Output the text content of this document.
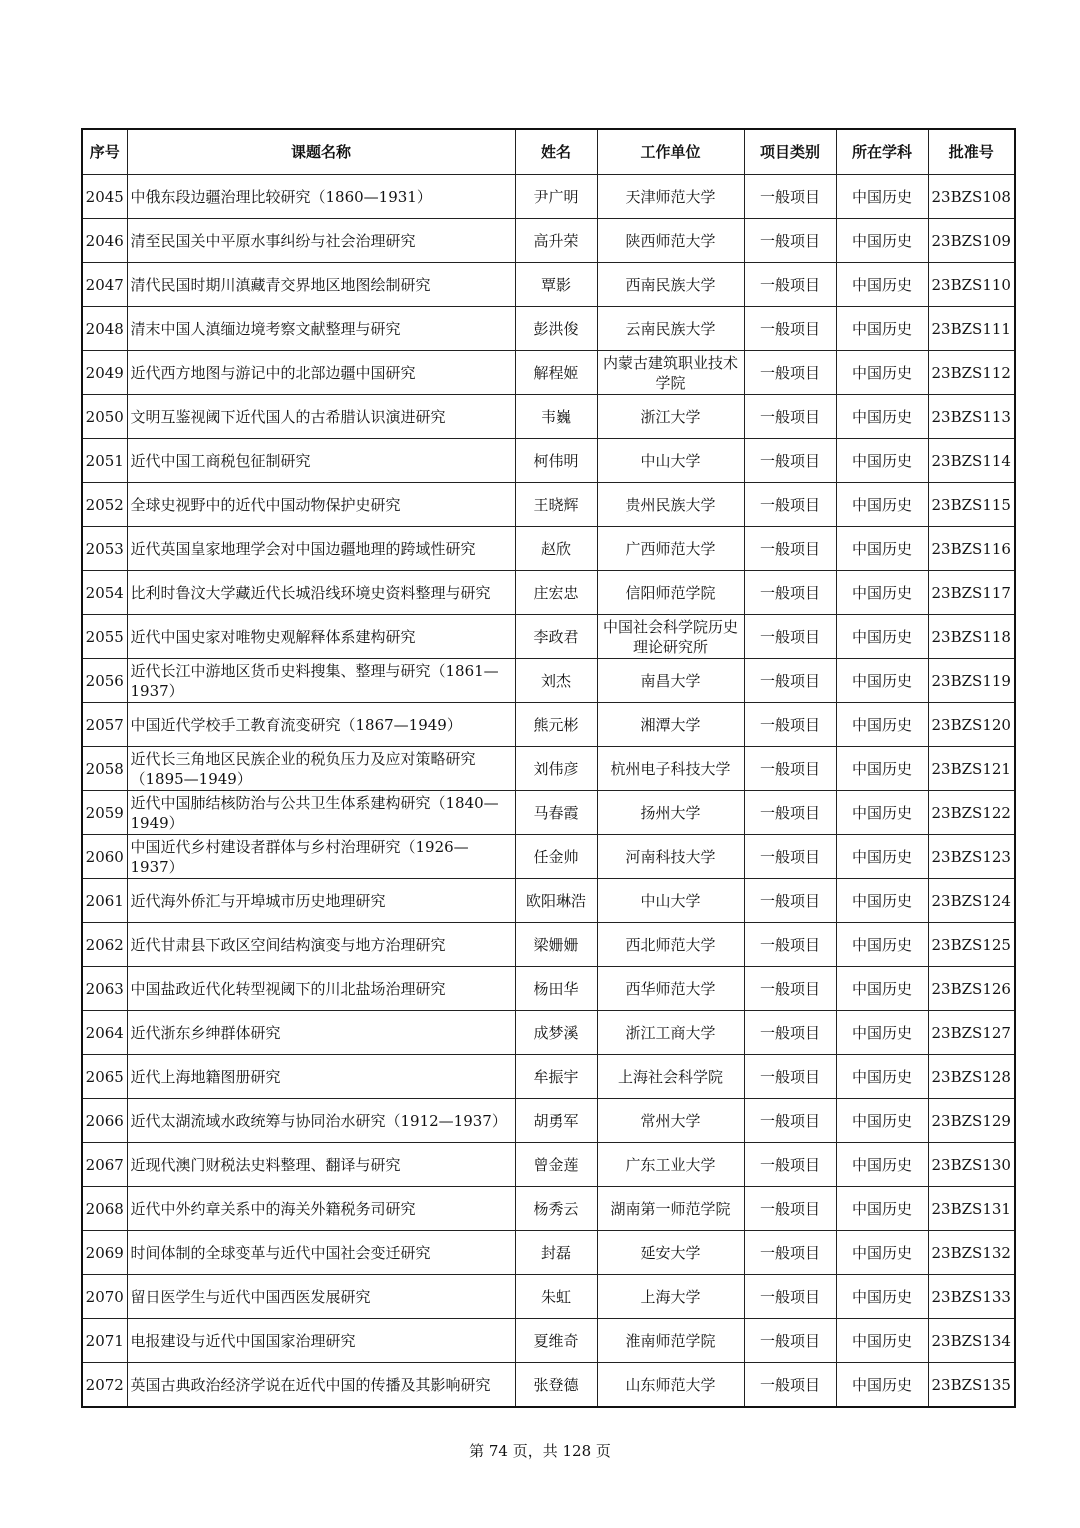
序号	课题名称	姓名	工作单位	项目类别	所在学科	批准号
2045	中俄东段边疆治理比较研究（1860—1931）	尹广明	天津师范大学	一般项目	中国历史	23BZS108
2046	清至民国关中平原水事纠纷与社会治理研究	高升荣	陕西师范大学	一般项目	中国历史	23BZS109
2047	清代民国时期川滇藏青交界地区地图绘制研究	覃影	西南民族大学	一般项目	中国历史	23BZS110
2048	清末中国人滇缅边境考察文献整理与研究	彭洪俊	云南民族大学	一般项目	中国历史	23BZS111
2049	近代西方地图与游记中的北部边疆中国研究	解程姬	内蒙古建筑职业技术学院	一般项目	中国历史	23BZS112
2050	文明互鉴视阈下近代国人的古希腊认识演进研究	韦巍	浙江大学	一般项目	中国历史	23BZS113
2051	近代中国工商税包征制研究	柯伟明	中山大学	一般项目	中国历史	23BZS114
2052	全球史视野中的近代中国动物保护史研究	王晓辉	贵州民族大学	一般项目	中国历史	23BZS115
2053	近代英国皇家地理学会对中国边疆地理的跨域性研究	赵欣	广西师范大学	一般项目	中国历史	23BZS116
2054	比利时鲁汶大学藏近代长城沿线环境史资料整理与研究	庄宏忠	信阳师范学院	一般项目	中国历史	23BZS117
2055	近代中国史家对唯物史观解释体系建构研究	李政君	中国社会科学院历史理论研究所	一般项目	中国历史	23BZS118
2056	近代长江中游地区货币史料搜集、整理与研究（1861—1937）	刘杰	南昌大学	一般项目	中国历史	23BZS119
2057	中国近代学校手工教育流变研究（1867—1949）	熊元彬	湘潭大学	一般项目	中国历史	23BZS120
2058	近代长三角地区民族企业的税负压力及应对策略研究（1895—1949）	刘伟彦	杭州电子科技大学	一般项目	中国历史	23BZS121
2059	近代中国肺结核防治与公共卫生体系建构研究（1840—1949）	马春霞	扬州大学	一般项目	中国历史	23BZS122
2060	中国近代乡村建设者群体与乡村治理研究（1926—1937）	任金帅	河南科技大学	一般项目	中国历史	23BZS123
2061	近代海外侨汇与开埠城市历史地理研究	欧阳琳浩	中山大学	一般项目	中国历史	23BZS124
2062	近代甘肃县下政区空间结构演变与地方治理研究	梁姗姗	西北师范大学	一般项目	中国历史	23BZS125
2063	中国盐政近代化转型视阈下的川北盐场治理研究	杨田华	西华师范大学	一般项目	中国历史	23BZS126
2064	近代浙东乡绅群体研究	成梦溪	浙江工商大学	一般项目	中国历史	23BZS127
2065	近代上海地籍图册研究	牟振宇	上海社会科学院	一般项目	中国历史	23BZS128
2066	近代太湖流域水政统筹与协同治水研究（1912—1937）	胡勇军	常州大学	一般项目	中国历史	23BZS129
2067	近现代澳门财税法史料整理、翻译与研究	曾金莲	广东工业大学	一般项目	中国历史	23BZS130
2068	近代中外约章关系中的海关外籍税务司研究	杨秀云	湖南第一师范学院	一般项目	中国历史	23BZS131
2069	时间体制的全球变革与近代中国社会变迁研究	封磊	延安大学	一般项目	中国历史	23BZS132
2070	留日医学生与近代中国西医发展研究	朱虹	上海大学	一般项目	中国历史	23BZS133
2071	电报建设与近代中国国家治理研究	夏维奇	淮南师范学院	一般项目	中国历史	23BZS134
2072	英国古典政治经济学说在近代中国的传播及其影响研究	张登德	山东师范大学	一般项目	中国历史	23BZS135
第 74 页，共 128 页
